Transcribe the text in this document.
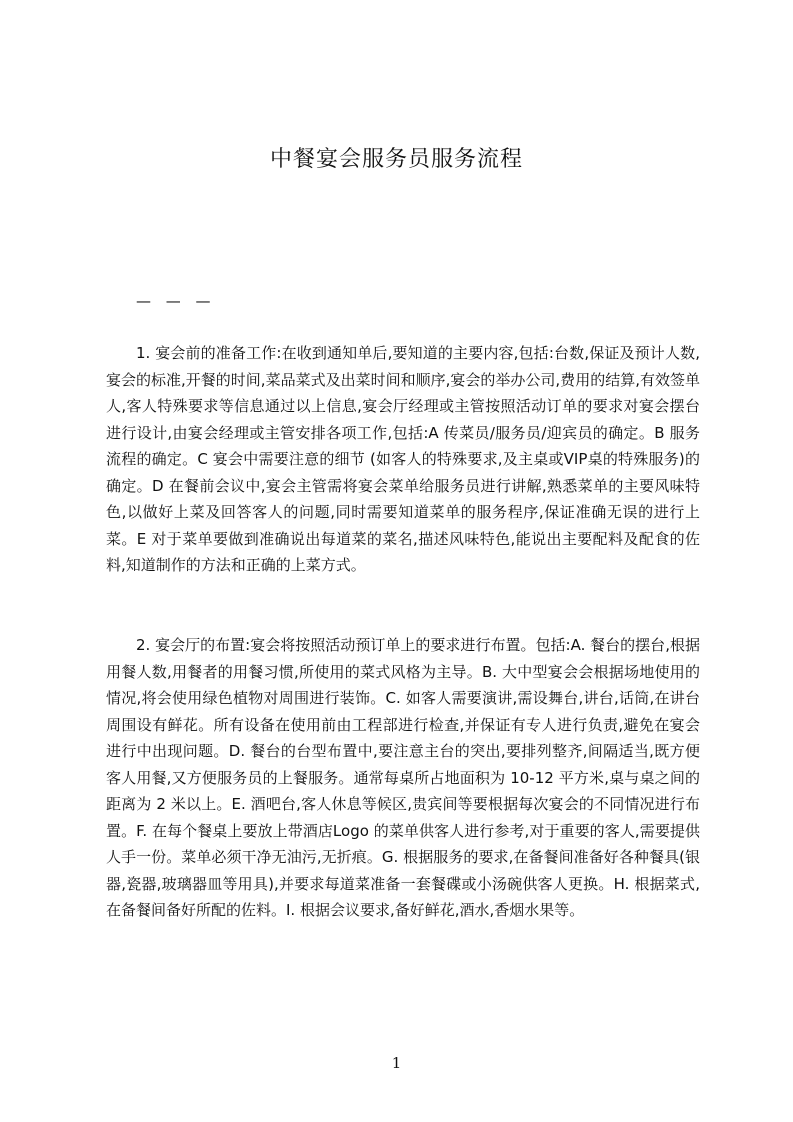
中餐宴会服务员服务流程
— — —

1. 宴会前的准备工作:在收到通知单后,要知道的主要内容,包括:台数,保证及预计人数,宴会的标准,开餐的时间,菜品菜式及出菜时间和顺序,宴会的举办公司,费用的结算,有效签单人,客人特殊要求等信息通过以上信息,宴会厅经理或主管按照活动订单的要求对宴会摆台进行设计,由宴会经理或主管安排各项工作,包括:A 传菜员/服务员/迎宾员的确定。B 服务流程的确定。C 宴会中需要注意的细节 (如客人的特殊要求,及主桌或VIP桌的特殊服务)的确定。D 在餐前会议中,宴会主管需将宴会菜单给服务员进行讲解,熟悉菜单的主要风味特色,以做好上菜及回答客人的问题,同时需要知道菜单的服务程序,保证准确无误的进行上菜。E 对于菜单要做到准确说出每道菜的菜名,描述风味特色,能说出主要配料及配食的佐料,知道制作的方法和正确的上菜方式。

2. 宴会厅的布置:宴会将按照活动预订单上的要求进行布置。包括:A. 餐台的摆台,根据用餐人数,用餐者的用餐习惯,所使用的菜式风格为主导。B. 大中型宴会会根据场地使用的情况,将会使用绿色植物对周围进行装饰。C. 如客人需要演讲,需设舞台,讲台,话筒,在讲台周围设有鲜花。所有设备在使用前由工程部进行检查,并保证有专人进行负责,避免在宴会进行中出现问题。D. 餐台的台型布置中,要注意主台的突出,要排列整齐,间隔适当,既方便客人用餐,又方便服务员的上餐服务。通常每桌所占地面积为 10-12 平方米,桌与桌之间的距离为 2 米以上。E. 酒吧台,客人休息等候区,贵宾间等要根据每次宴会的不同情况进行布置。F. 在每个餐桌上要放上带酒店Logo 的菜单供客人进行参考,对于重要的客人,需要提供人手一份。菜单必须干净无油污,无折痕。G. 根据服务的要求,在备餐间准备好各种餐具(银器,瓷器,玻璃器皿等用具),并要求每道菜准备一套餐碟或小汤碗供客人更换。H. 根据菜式,在备餐间备好所配的佐料。I. 根据会议要求,备好鲜花,酒水,香烟水果等。

1
